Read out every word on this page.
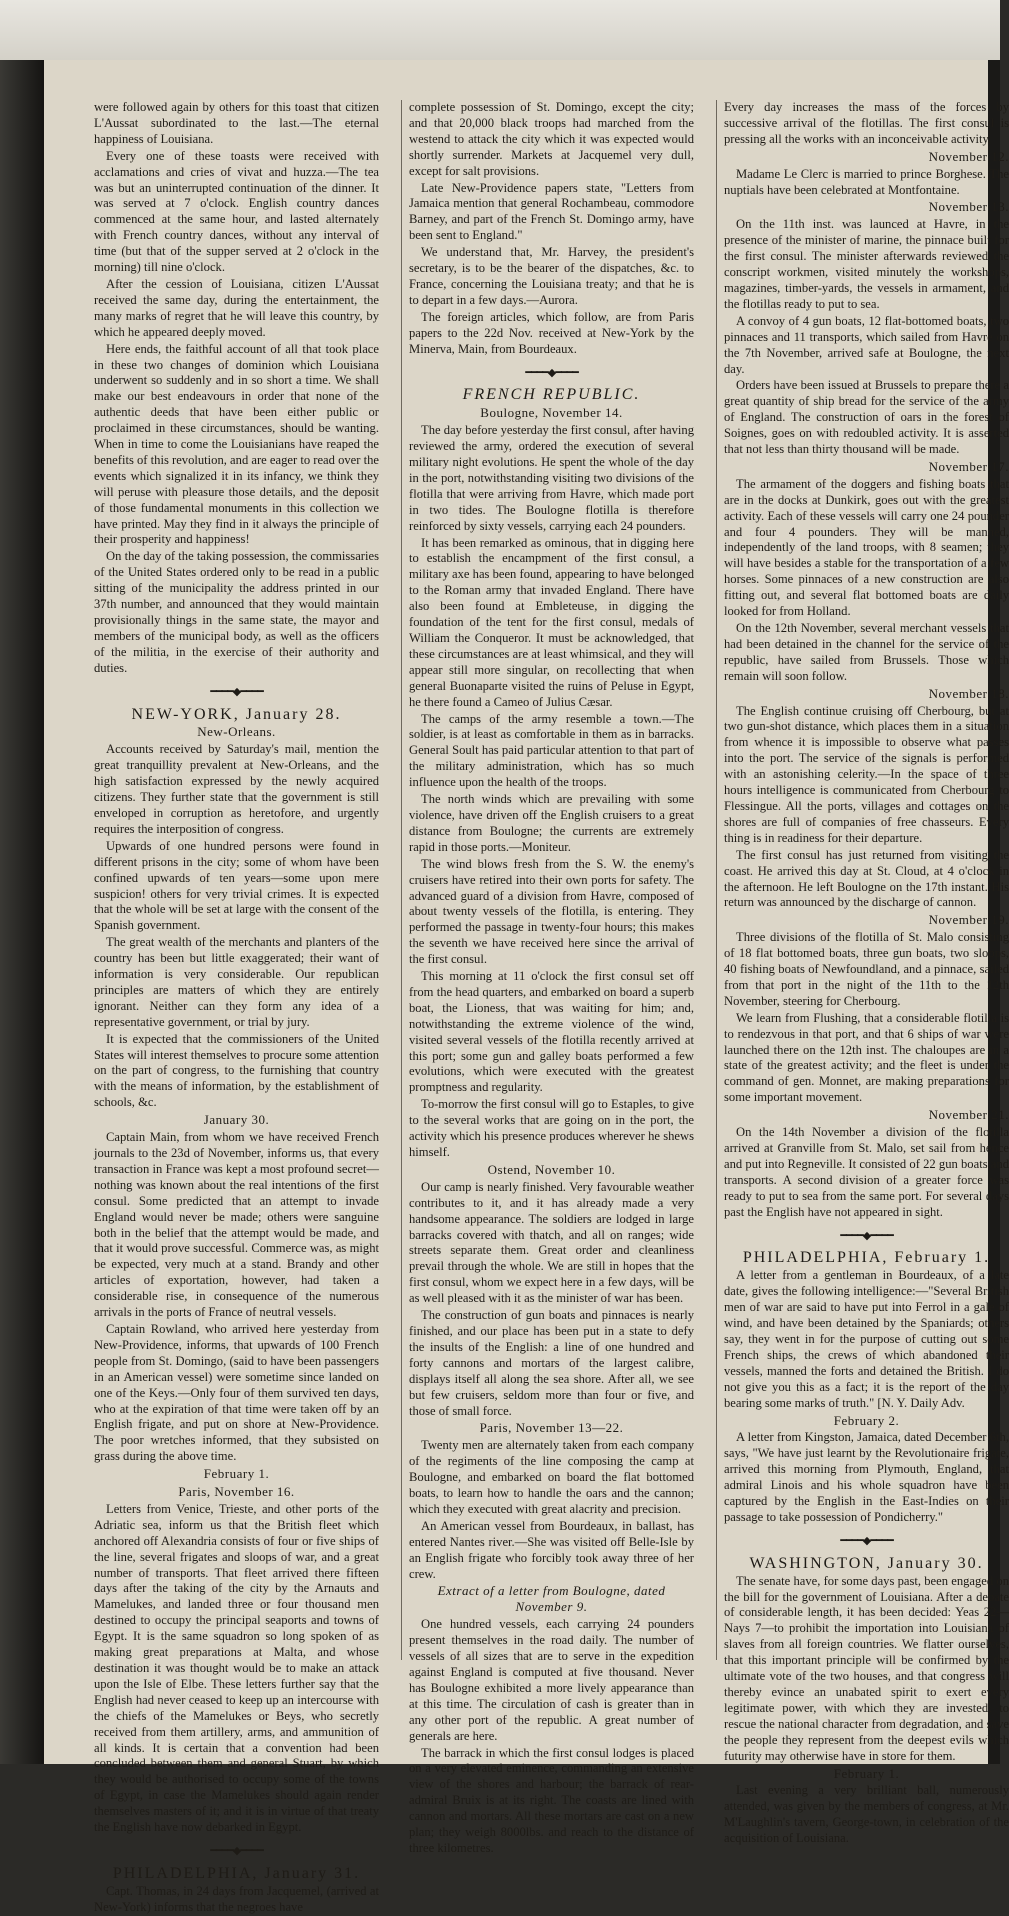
were followed again by others for this toast that citizen L'Aussat subordinated to the last.—The eternal happiness of Louisiana.

Every one of these toasts were received with acclamations and cries of vivat and huzza.—The tea was but an uninterrupted continuation of the dinner. It was served at 7 o'clock. English country dances commenced at the same hour, and lasted alternately with French country dances, without any interval of time (but that of the supper served at 2 o'clock in the morning) till nine o'clock.

After the cession of Louisiana, citizen L'Aussat received the same day, during the entertainment, the many marks of regret that he will leave this country, by which he appeared deeply moved.

Here ends, the faithful account of all that took place in these two changes of dominion which Louisiana underwent so suddenly and in so short a time. We shall make our best endeavours in order that none of the authentic deeds that have been either public or proclaimed in these circumstances, should be wanting. When in time to come the Louisianians have reaped the benefits of this revolution, and are eager to read over the events which signalized it in its infancy, we think they will peruse with pleasure those details, and the deposit of those fundamental monuments in this collection we have printed. May they find in it always the principle of their prosperity and happiness!

On the day of the taking possession, the commissaries of the United States ordered only to be read in a public sitting of the municipality the address printed in our 37th number, and announced that they would maintain provisionally things in the same state, the mayor and members of the municipal body, as well as the officers of the militia, in the exercise of their authority and duties.

━━━━◆━━━━
NEW-YORK, January 28.
New-Orleans.

Accounts received by Saturday's mail, mention the great tranquillity prevalent at New-Orleans, and the high satisfaction expressed by the newly acquired citizens. They further state that the government is still enveloped in corruption as heretofore, and urgently requires the interposition of congress.

Upwards of one hundred persons were found in different prisons in the city; some of whom have been confined upwards of ten years—some upon mere suspicion! others for very trivial crimes. It is expected that the whole will be set at large with the consent of the Spanish government.

The great wealth of the merchants and planters of the country has been but little exaggerated; their want of information is very considerable. Our republican principles are matters of which they are entirely ignorant. Neither can they form any idea of a representative government, or trial by jury.

It is expected that the commissioners of the United States will interest themselves to procure some attention on the part of congress, to the furnishing that country with the means of information, by the establishment of schools, &c.

January 30.

Captain Main, from whom we have received French journals to the 23d of November, informs us, that every transaction in France was kept a most profound secret—nothing was known about the real intentions of the first consul. Some predicted that an attempt to invade England would never be made; others were sanguine both in the belief that the attempt would be made, and that it would prove successful. Commerce was, as might be expected, very much at a stand. Brandy and other articles of exportation, however, had taken a considerable rise, in consequence of the numerous arrivals in the ports of France of neutral vessels.

Captain Rowland, who arrived here yesterday from New-Providence, informs, that upwards of 100 French people from St. Domingo, (said to have been passengers in an American vessel) were sometime since landed on one of the Keys.—Only four of them survived ten days, who at the expiration of that time were taken off by an English frigate, and put on shore at New-Providence. The poor wretches informed, that they subsisted on grass during the above time.

February 1.
Paris, November 16.

Letters from Venice, Trieste, and other ports of the Adriatic sea, inform us that the British fleet which anchored off Alexandria consists of four or five ships of the line, several frigates and sloops of war, and a great number of transports. That fleet arrived there fifteen days after the taking of the city by the Arnauts and Mamelukes, and landed three or four thousand men destined to occupy the principal seaports and towns of Egypt. It is the same squadron so long spoken of as making great preparations at Malta, and whose destination it was thought would be to make an attack upon the Isle of Elbe. These letters further say that the English had never ceased to keep up an intercourse with the chiefs of the Mamelukes or Beys, who secretly received from them artillery, arms, and ammunition of all kinds. It is certain that a convention had been concluded between them and general Stuart, by which they would be authorised to occupy some of the towns of Egypt, in case the Mamelukes should again render themselves masters of it; and it is in virtue of that treaty the English have now debarked in Egypt.

━━━━◆━━━━
PHILADELPHIA, January 31.

Capt. Thomas, in 24 days from Jacquemel, (arrived at New-York) informs that the negroes have

complete possession of St. Domingo, except the city; and that 20,000 black troops had marched from the westend to attack the city which it was expected would shortly surrender. Markets at Jacquemel very dull, except for salt provisions.

Late New-Providence papers state, "Letters from Jamaica mention that general Rochambeau, commodore Barney, and part of the French St. Domingo army, have been sent to England."

We understand that, Mr. Harvey, the president's secretary, is to be the bearer of the dispatches, &c. to France, concerning the Louisiana treaty; and that he is to depart in a few days.—Aurora.

The foreign articles, which follow, are from Paris papers to the 22d Nov. received at New-York by the Minerva, Main, from Bourdeaux.

━━━━◆━━━━
FRENCH REPUBLIC.
Boulogne, November 14.

The day before yesterday the first consul, after having reviewed the army, ordered the execution of several military night evolutions. He spent the whole of the day in the port, notwithstanding visiting two divisions of the flotilla that were arriving from Havre, which made port in two tides. The Boulogne flotilla is therefore reinforced by sixty vessels, carrying each 24 pounders.

It has been remarked as ominous, that in digging here to establish the encampment of the first consul, a military axe has been found, appearing to have belonged to the Roman army that invaded England. There have also been found at Embleteuse, in digging the foundation of the tent for the first consul, medals of William the Conqueror. It must be acknowledged, that these circumstances are at least whimsical, and they will appear still more singular, on recollecting that when general Buonaparte visited the ruins of Peluse in Egypt, he there found a Cameo of Julius Cæsar.

The camps of the army resemble a town.—The soldier, is at least as comfortable in them as in barracks. General Soult has paid particular attention to that part of the military administration, which has so much influence upon the health of the troops.

The north winds which are prevailing with some violence, have driven off the English cruisers to a great distance from Boulogne; the currents are extremely rapid in those ports.—Moniteur.

The wind blows fresh from the S. W. the enemy's cruisers have retired into their own ports for safety. The advanced guard of a division from Havre, composed of about twenty vessels of the flotilla, is entering. They performed the passage in twenty-four hours; this makes the seventh we have received here since the arrival of the first consul.

This morning at 11 o'clock the first consul set off from the head quarters, and embarked on board a superb boat, the Lioness, that was waiting for him; and, notwithstanding the extreme violence of the wind, visited several vessels of the flotilla recently arrived at this port; some gun and galley boats performed a few evolutions, which were executed with the greatest promptness and regularity.

To-morrow the first consul will go to Estaples, to give to the several works that are going on in the port, the activity which his presence produces wherever he shews himself.

Ostend, November 10.

Our camp is nearly finished. Very favourable weather contributes to it, and it has already made a very handsome appearance. The soldiers are lodged in large barracks covered with thatch, and all on ranges; wide streets separate them. Great order and cleanliness prevail through the whole. We are still in hopes that the first consul, whom we expect here in a few days, will be as well pleased with it as the minister of war has been.

The construction of gun boats and pinnaces is nearly finished, and our place has been put in a state to defy the insults of the English: a line of one hundred and forty cannons and mortars of the largest calibre, displays itself all along the sea shore. After all, we see but few cruisers, seldom more than four or five, and those of small force.

Paris, November 13—22.

Twenty men are alternately taken from each company of the regiments of the line composing the camp at Boulogne, and embarked on board the flat bottomed boats, to learn how to handle the oars and the cannon; which they executed with great alacrity and precision.

An American vessel from Bourdeaux, in ballast, has entered Nantes river.—She was visited off Belle-Isle by an English frigate who forcibly took away three of her crew.

Extract of a letter from Boulogne, dated November 9.

One hundred vessels, each carrying 24 pounders present themselves in the road daily. The number of vessels of all sizes that are to serve in the expedition against England is computed at five thousand. Never has Boulogne exhibited a more lively appearance than at this time. The circulation of cash is greater than in any other port of the republic. A great number of generals are here.

The barrack in which the first consul lodges is placed on a very elevated eminence, commanding an extensive view of the shores and harbour; the barrack of rear-admiral Bruix is at its right. The coasts are lined with cannon and mortars. All these mortars are cast on a new plan; they weigh 8000lbs. and reach to the distance of three kilometres.

Every day increases the mass of the forces by successive arrival of the flotillas. The first consul is pressing all the works with an inconceivable activity.

November 12.

Madame Le Clerc is married to prince Borghese. The nuptials have been celebrated at Montfontaine.

November 13.

On the 11th inst. was launced at Havre, in the presence of the minister of marine, the pinnace built for the first consul. The minister afterwards reviewed the conscript workmen, visited minutely the workshops, magazines, timber-yards, the vessels in armament, and the flotillas ready to put to sea.

A convoy of 4 gun boats, 12 flat-bottomed boats, two pinnaces and 11 transports, which sailed from Havre on the 7th November, arrived safe at Boulogne, the next day.

Orders have been issued at Brussels to prepare there a great quantity of ship bread for the service of the army of England. The construction of oars in the forest of Soignes, goes on with redoubled activity. It is asserted that not less than thirty thousand will be made.

November 17.

The armament of the doggers and fishing boats that are in the docks at Dunkirk, goes out with the greatest activity. Each of these vessels will carry one 24 pounder and four 4 pounders. They will be manned, independently of the land troops, with 8 seamen; they will have besides a stable for the transportation of a few horses. Some pinnaces of a new construction are also fitting out, and several flat bottomed boats are daily looked for from Holland.

On the 12th November, several merchant vessels that had been detained in the channel for the service of the republic, have sailed from Brussels. Those which remain will soon follow.

November 18.

The English continue cruising off Cherbourg, but at two gun-shot distance, which places them in a situation from whence it is impossible to observe what passes into the port. The service of the signals is performed with an astonishing celerity.—In the space of three hours intelligence is communicated from Cherbourg to Flessingue. All the ports, villages and cottages on the shores are full of companies of free chasseurs. Every thing is in readiness for their departure.

The first consul has just returned from visiting the coast. He arrived this day at St. Cloud, at 4 o'clock in the afternoon. He left Boulogne on the 17th instant. His return was announced by the discharge of cannon.

November 19.

Three divisions of the flotilla of St. Malo consisting of 18 flat bottomed boats, three gun boats, two sloops, 40 fishing boats of Newfoundland, and a pinnace, sailed from that port in the night of the 11th to the 12th November, steering for Cherbourg.

We learn from Flushing, that a considerable flotilla is to rendezvous in that port, and that 6 ships of war were launched there on the 12th inst. The chaloupes are in a state of the greatest activity; and the fleet is under the command of gen. Monnet, are making preparations for some important movement.

November 21.

On the 14th November a division of the flotilla arrived at Granville from St. Malo, set sail from hence and put into Regneville. It consisted of 22 gun boats and transports. A second division of a greater force was ready to put to sea from the same port. For several days past the English have not appeared in sight.

━━━━◆━━━━
PHILADELPHIA, February 1.

A letter from a gentleman in Bourdeaux, of a late date, gives the following intelligence:—"Several British men of war are said to have put into Ferrol in a gale of wind, and have been detained by the Spaniards; others say, they went in for the purpose of cutting out some French ships, the crews of which abandoned their vessels, manned the forts and detained the British. I do not give you this as a fact; it is the report of the day bearing some marks of truth." [N. Y. Daily Adv.

February 2.

A letter from Kingston, Jamaica, dated December 6th, says, "We have just learnt by the Revolutionaire frigate, arrived this morning from Plymouth, England, that admiral Linois and his whole squadron have been captured by the English in the East-Indies on their passage to take possession of Pondicherry."

━━━━◆━━━━
WASHINGTON, January 30.

The senate have, for some days past, been engaged on the bill for the government of Louisiana. After a debate of considerable length, it has been decided: Yeas 22—Nays 7—to prohibit the importation into Louisiana of slaves from all foreign countries. We flatter ourselves, that this important principle will be confirmed by the ultimate vote of the two houses, and that congress will thereby evince an unabated spirit to exert every legitimate power, with which they are invested, to rescue the national character from degradation, and save the people they represent from the deepest evils which futurity may otherwise have in store for them.

February 1.

Last evening a very brilliant ball, numerously attended, was given by the members of congress, at Mr. M'Laughlin's tavern, George-town, in celebration of the acquisition of Louisiana.
